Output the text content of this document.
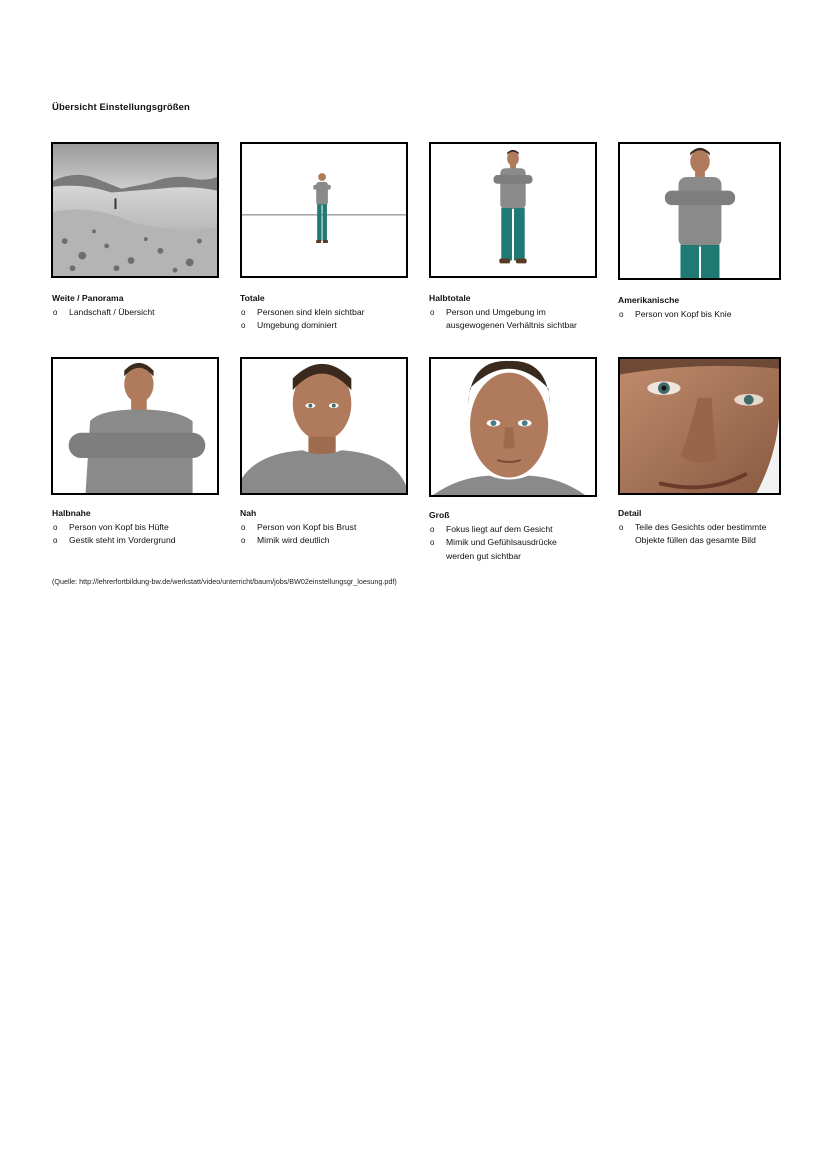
Übersicht Einstellungsgrößen
Weite / Panorama
o Landschaft / Übersicht
Totale
o Personen sind klein sichtbar
o Umgebung dominiert
Halbtotale
o Person und Umgebung im
ausgewogenen Verhältnis sichtbar
Amerikanische
o Person von Kopf bis Knie
Halbnahe
o Person von Kopf bis Hüfte
o Gestik steht im Vordergrund
Nah
o Person von Kopf bis Brust
o Mimik wird deutlich
Groß
o Fokus liegt auf dem Gesicht
o Mimik und Gefühlsausdrücke
werden gut sichtbar
Detail
o Teile des Gesichts oder bestimmte
Objekte füllen das gesamte Bild
(Quelle: http://lehrerfortbildung-bw.de/werkstatt/video/unterricht/baum/jobs/BW02einstellungsgr_loesung.pdf)
